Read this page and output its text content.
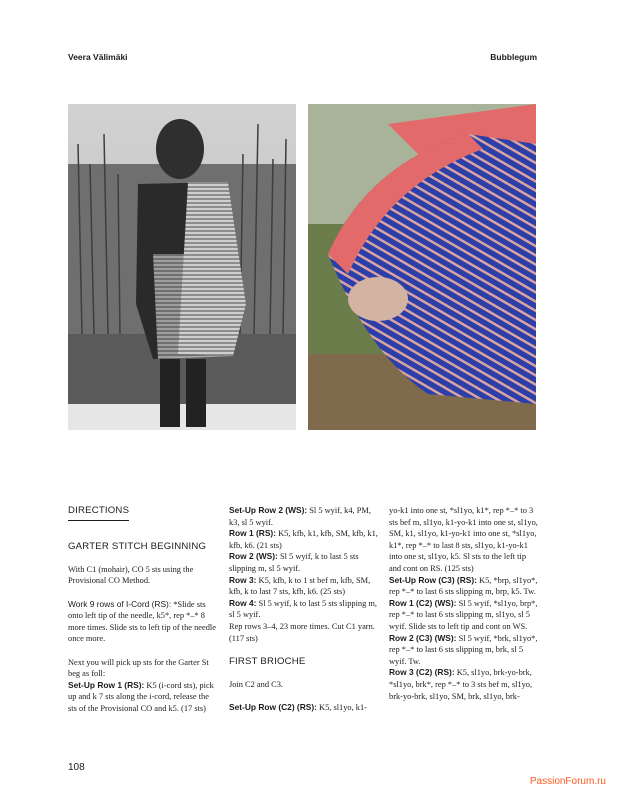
Veera Välimäki	Bubblegum

DIRECTIONS

GARTER STITCH BEGINNING

With C1 (mohair), CO 5 sts using the Provisional CO Method.

Work 9 rows of I-Cord (RS): *Slide sts onto left tip of the needle, k5*, rep *–* 8 more times. Slide sts to left tip of the needle once more.

Next you will pick up sts for the Garter St beg as foll:

Set-Up Row 1 (RS): K5 (i-cord sts), pick up and k 7 sts along the i-cord, release the sts of the Provisional CO and k5. (17 sts)

Set-Up Row 2 (WS): Sl 5 wyif, k4, PM, k3, sl 5 wyif.

Row 1 (RS): K5, kfb, k1, kfb, SM, kfb, k1, kfb, k6. (21 sts)

Row 2 (WS): Sl 5 wyif, k to last 5 sts slipping m, sl 5 wyif.

Row 3: K5, kfb, k to 1 st bef m, kfb, SM, kfb, k to last 7 sts, kfb, k6. (25 sts)

Row 4: Sl 5 wyif, k to last 5 sts slipping m, sl 5 wyif.

Rep rows 3–4, 23 more times. Cut C1 yarn. (117 sts)

FIRST BRIOCHE

Join C2 and C3.

Set-Up Row (C2) (RS): K5, sl1yo, k1-

yo-k1 into one st, *sl1yo, k1*, rep *–* to 3 sts bef m, sl1yo, k1-yo-k1 into one st, sl1yo, SM, k1, sl1yo, k1-yo-k1 into one st, *sl1yo, k1*, rep *–* to last 8 sts, sl1yo, k1-yo-k1 into one st, sl1yo, k5. Sl sts to the left tip and cont on RS. (125 sts)

Set-Up Row (C3) (RS): K5, *brp, sl1yo*, rep *–* to last 6 sts slipping m, brp, k5. Tw.

Row 1 (C2) (WS): Sl 5 wyif, *sl1yo, brp*, rep *–* to last 6 sts slipping m, sl1yo, sl 5 wyif. Slide sts to left tip and cont on WS.

Row 2 (C3) (WS): Sl 5 wyif, *brk, sl1yo*, rep *–* to last 6 sts slipping m, brk, sl 5 wyif. Tw.

Row 3 (C2) (RS): K5, sl1yo, brk-yo-brk, *sl1yo, brk*, rep *–* to 3 sts bef m, sl1yo, brk-yo-brk, sl1yo, SM, brk, sl1yo, brk-

108
PassionForum.ru
